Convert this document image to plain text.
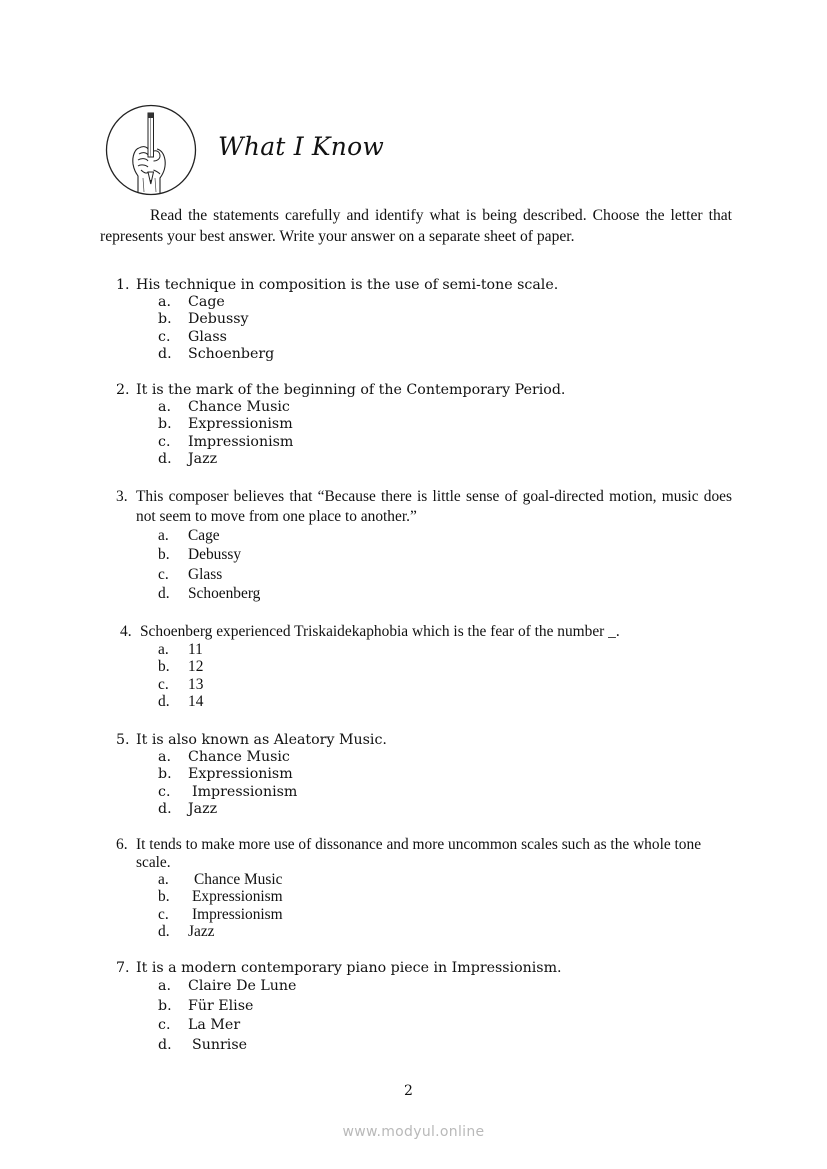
What I Know

Read the statements carefully and identify what is being described. Choose the letter that represents your best answer. Write your answer on a separate sheet of paper.

1. His technique in composition is the use of semi-tone scale.
a.	Cage
b.	Debussy
c.	Glass
d.	Schoenberg
2. It is the mark of the beginning of the Contemporary Period.
a.	Chance Music
b.	Expressionism
c.	Impressionism
d.	Jazz
3. This composer believes that “Because there is little sense of goal-directed motion, music does not seem to move from one place to another.”
a.	Cage
b.	Debussy
c.	Glass
d.	Schoenberg
4. Schoenberg experienced Triskaidekaphobia which is the fear of the number _.
a.	11
b.	12
c.	13
d.	14
5. It is also known as Aleatory Music.
a.	Chance Music
b.	Expressionism
c.	Impressionism
d.	Jazz
6. It tends to make more use of dissonance and more uncommon scales such as the whole tone scale.
a.	Chance Music
b.	Expressionism
c.	Impressionism
d.	Jazz
7. It is a modern contemporary piano piece in Impressionism.
a.	Claire De Lune
b.	Für Elise
c.	La Mer
d.	Sunrise
2
www.modyul.online
